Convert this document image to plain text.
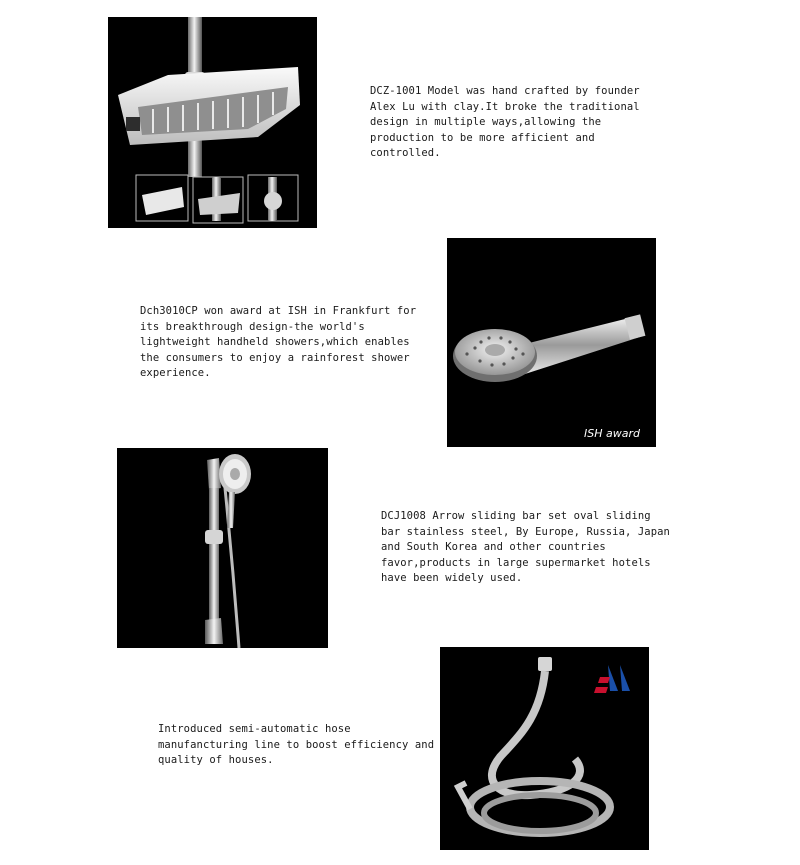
DCZ-1001 Model was hand crafted by founder Alex Lu with clay.It broke the traditional design in multiple ways,allowing the production to be more afficient and controlled.

Dch3010CP won award at ISH in Frankfurt for its breakthrough design-the world's lightweight handheld showers,which enables the consumers to enjoy a rainforest shower experience.

ISH award

DCJ1008 Arrow sliding bar set oval sliding bar stainless steel, By Europe, Russia, Japan and South Korea and other countries favor,products in large supermarket hotels have been widely used.

Introduced semi-automatic hose manufancturing line to boost efficiency and quality of houses.
